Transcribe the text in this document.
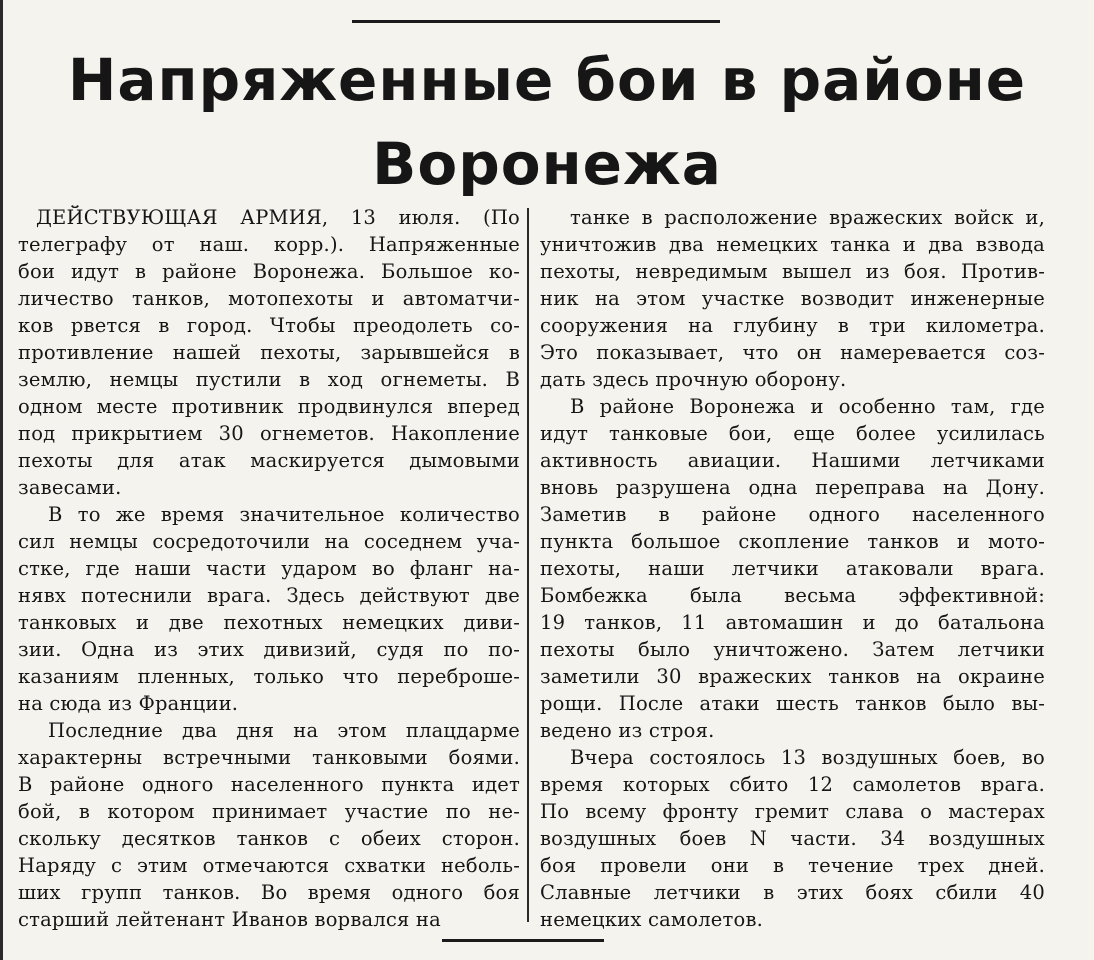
Напряженные бои в районе
Воронежа

ДЕЙСТВУЮЩАЯ АРМИЯ, 13 июля. (По
телеграфу от наш. корр.). Напряженные
бои идут в районе Воронежа. Большое ко-
личество танков, мотопехоты и автоматчи-
ков рвется в город. Чтобы преодолеть со-
противление нашей пехоты, зарывшейся в
землю, немцы пустили в ход огнеметы. В
одном месте противник продвинулся вперед
под прикрытием 30 огнеметов. Накопление
пехоты для атак маскируется дымовыми
завесами.

В то же время значительное количество
сил немцы сосредоточили на соседнем уча-
стке, где наши части ударом во фланг на-
нявх потеснили врага. Здесь действуют две
танковых и две пехотных немецких диви-
зии. Одна из этих дивизий, судя по по-
казаниям пленных, только что переброше-
на сюда из Франции.

Последние два дня на этом плацдарме
характерны встречными танковыми боями.
В районе одного населенного пункта идет
бой, в котором принимает участие по не-
скольку десятков танков с обеих сторон.
Наряду с этим отмечаются схватки неболь-
ших групп танков. Во время одного боя
старший лейтенант Иванов ворвался на

танке в расположение вражеских войск и,
уничтожив два немецких танка и два взвода
пехоты, невредимым вышел из боя. Против-
ник на этом участке возводит инженерные
сооружения на глубину в три километра.
Это показывает, что он намеревается соз-
дать здесь прочную оборону.

В районе Воронежа и особенно там, где
идут танковые бои, еще более усилилась
активность авиации. Нашими летчиками
вновь разрушена одна переправа на Дону.
Заметив в районе одного населенного
пункта большое скопление танков и мото-
пехоты, наши летчики атаковали врага.
Бомбежка была весьма эффективной:
19 танков, 11 автомашин и до батальона
пехоты было уничтожено. Затем летчики
заметили 30 вражеских танков на окраине
рощи. После атаки шесть танков было вы-
ведено из строя.

Вчера состоялось 13 воздушных боев, во
время которых сбито 12 самолетов врага.
По всему фронту гремит слава о мастерах
воздушных боев N части. 34 воздушных
боя провели они в течение трех дней.
Славные летчики в этих боях сбили 40
немецких самолетов.
